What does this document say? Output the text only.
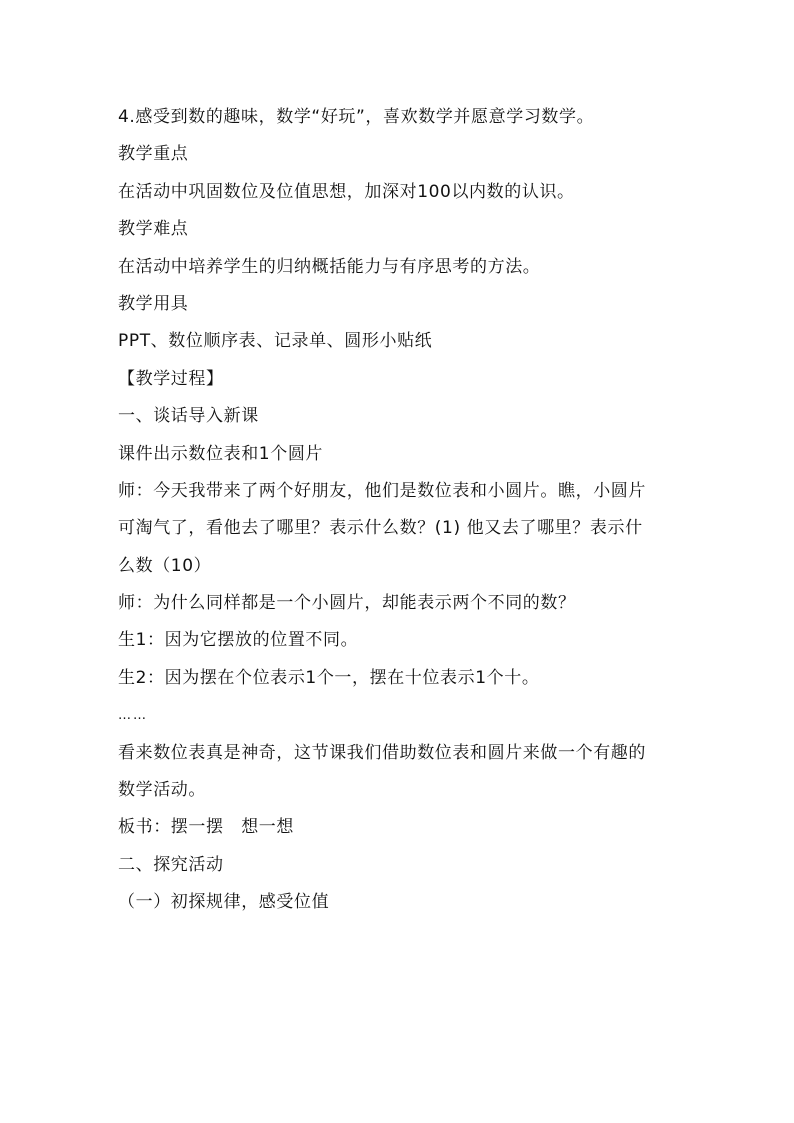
4.感受到数的趣味，数学“好玩”，喜欢数学并愿意学习数学。

教学重点

在活动中巩固数位及位值思想，加深对100以内数的认识。

教学难点

在活动中培养学生的归纳概括能力与有序思考的方法。

教学用具

PPT、数位顺序表、记录单、圆形小贴纸

【教学过程】

一、谈话导入新课

课件出示数位表和1个圆片

师：今天我带来了两个好朋友，他们是数位表和小圆片。瞧，小圆片

可淘气了，看他去了哪里？表示什么数？(1) 他又去了哪里？表示什

么数（10）

师：为什么同样都是一个小圆片，却能表示两个不同的数？

生1：因为它摆放的位置不同。

生2：因为摆在个位表示1个一，摆在十位表示1个十。

……

看来数位表真是神奇，这节课我们借助数位表和圆片来做一个有趣的

数学活动。

板书：摆一摆　想一想

二、探究活动

（一）初探规律，感受位值
